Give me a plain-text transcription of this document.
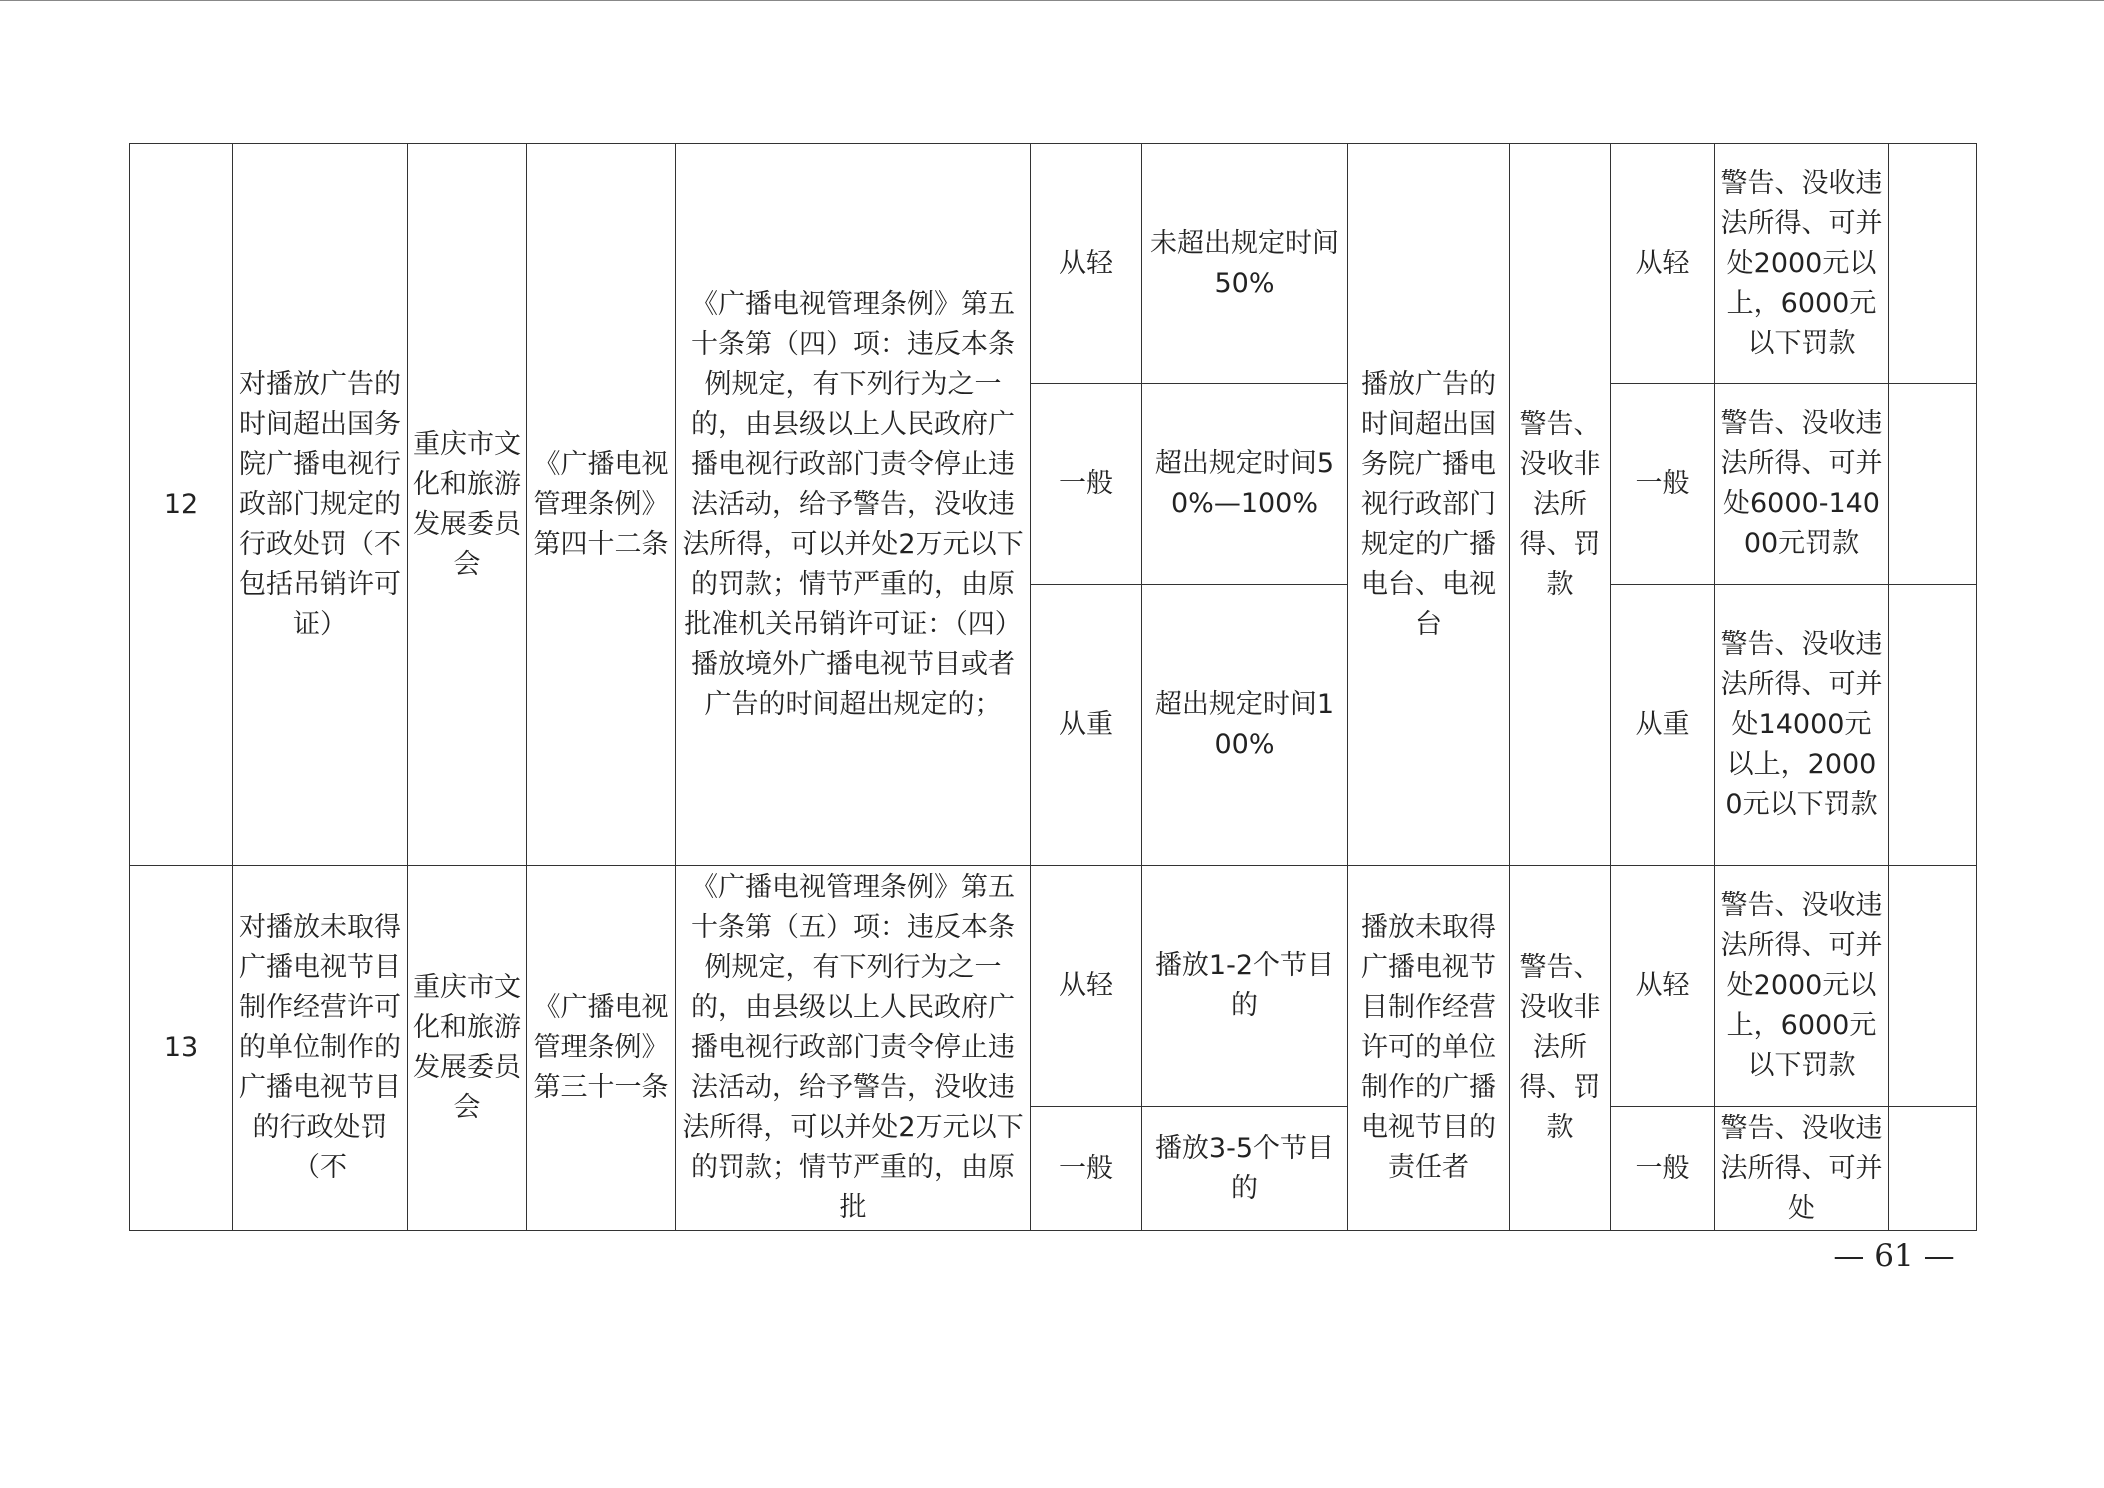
12	对播放广告的时间超出国务院广播电视行政部门规定的行政处罚（不包括吊销许可证）	重庆市文化和旅游发展委员会	《广播电视管理条例》第四十二条	《广播电视管理条例》第五十条第（四）项：违反本条例规定，有下列行为之一的，由县级以上人民政府广播电视行政部门责令停止违法活动，给予警告，没收违法所得，可以并处2万元以下的罚款；情节严重的，由原批准机关吊销许可证：（四）播放境外广播电视节目或者广告的时间超出规定的；	从轻	未超出规定时间50%	播放广告的时间超出国务院广播电视行政部门规定的广播电台、电视台	警告、没收非法所得、罚款	从轻	警告、没收违法所得、可并处2000元以上，6000元以下罚款	
					一般	超出规定时间50%—100%			一般	警告、没收违法所得、可并处6000-14000元罚款	
					从重	超出规定时间100%			从重	警告、没收违法所得、可并处14000元以上，20000元以下罚款	
13	对播放未取得广播电视节目制作经营许可的单位制作的广播电视节目的行政处罚（不	重庆市文化和旅游发展委员会	《广播电视管理条例》第三十一条	《广播电视管理条例》第五十条第（五）项：违反本条例规定，有下列行为之一的，由县级以上人民政府广播电视行政部门责令停止违法活动，给予警告，没收违法所得，可以并处2万元以下的罚款；情节严重的，由原批	从轻	播放1-2个节目的	播放未取得广播电视节目制作经营许可的单位制作的广播电视节目的责任者	警告、没收非法所得、罚款	从轻	警告、没收违法所得、可并处2000元以上，6000元以下罚款	
					一般	播放3-5个节目的			一般	警告、没收违法所得、可并处	
— 61 —
